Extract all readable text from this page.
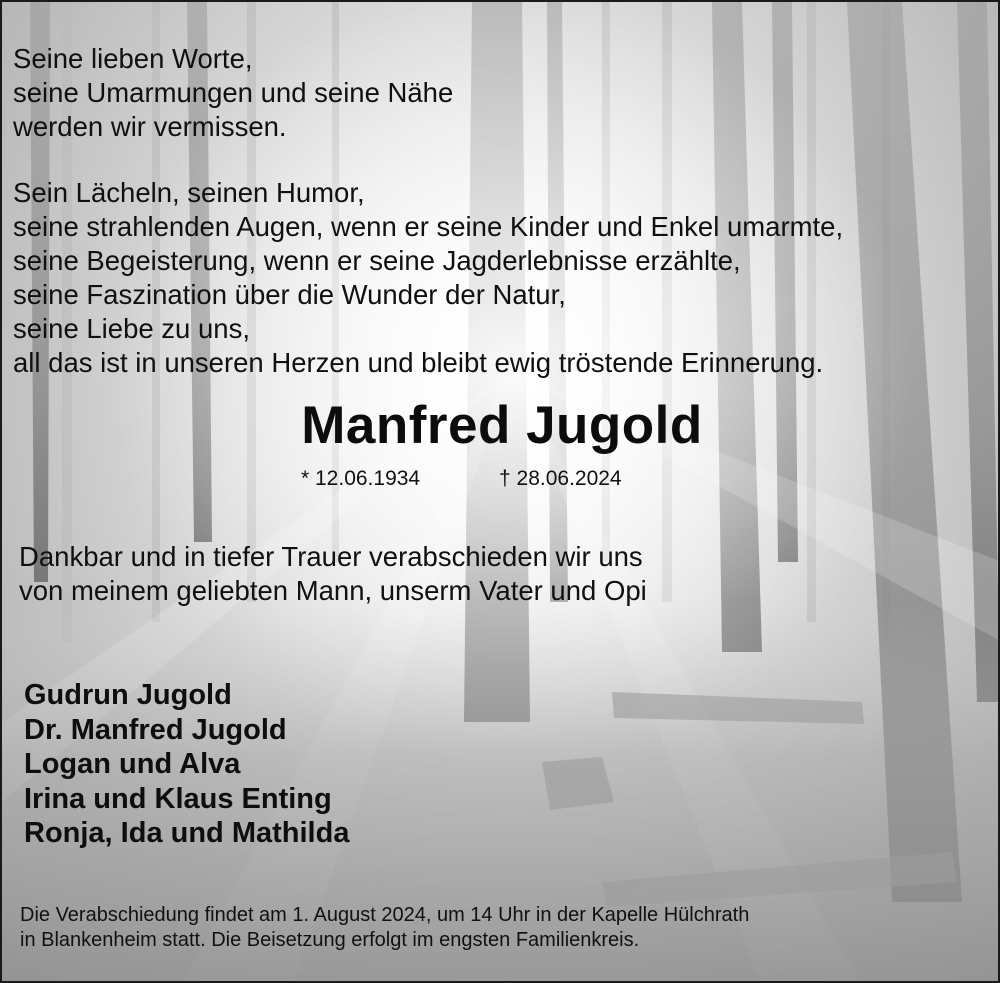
Seine lieben Worte,
seine Umarmungen und seine Nähe
werden wir vermissen.
Sein Lächeln, seinen Humor,
seine strahlenden Augen, wenn er seine Kinder und Enkel umarmte,
seine Begeisterung, wenn er seine Jagderlebnisse erzählte,
seine Faszination über die Wunder der Natur,
seine Liebe zu uns,
all das ist in unseren Herzen und bleibt ewig tröstende Erinnerung.
Manfred Jugold
* 12.06.1934	† 28.06.2024
Dankbar und in tiefer Trauer verabschieden wir uns
von meinem geliebten Mann, unserm Vater und Opi
Gudrun Jugold
Dr. Manfred Jugold
Logan und Alva
Irina und Klaus Enting
Ronja, Ida und Mathilda
Die Verabschiedung findet am 1. August 2024, um 14 Uhr in der Kapelle Hülchrath
in Blankenheim statt. Die Beisetzung erfolgt im engsten Familienkreis.
